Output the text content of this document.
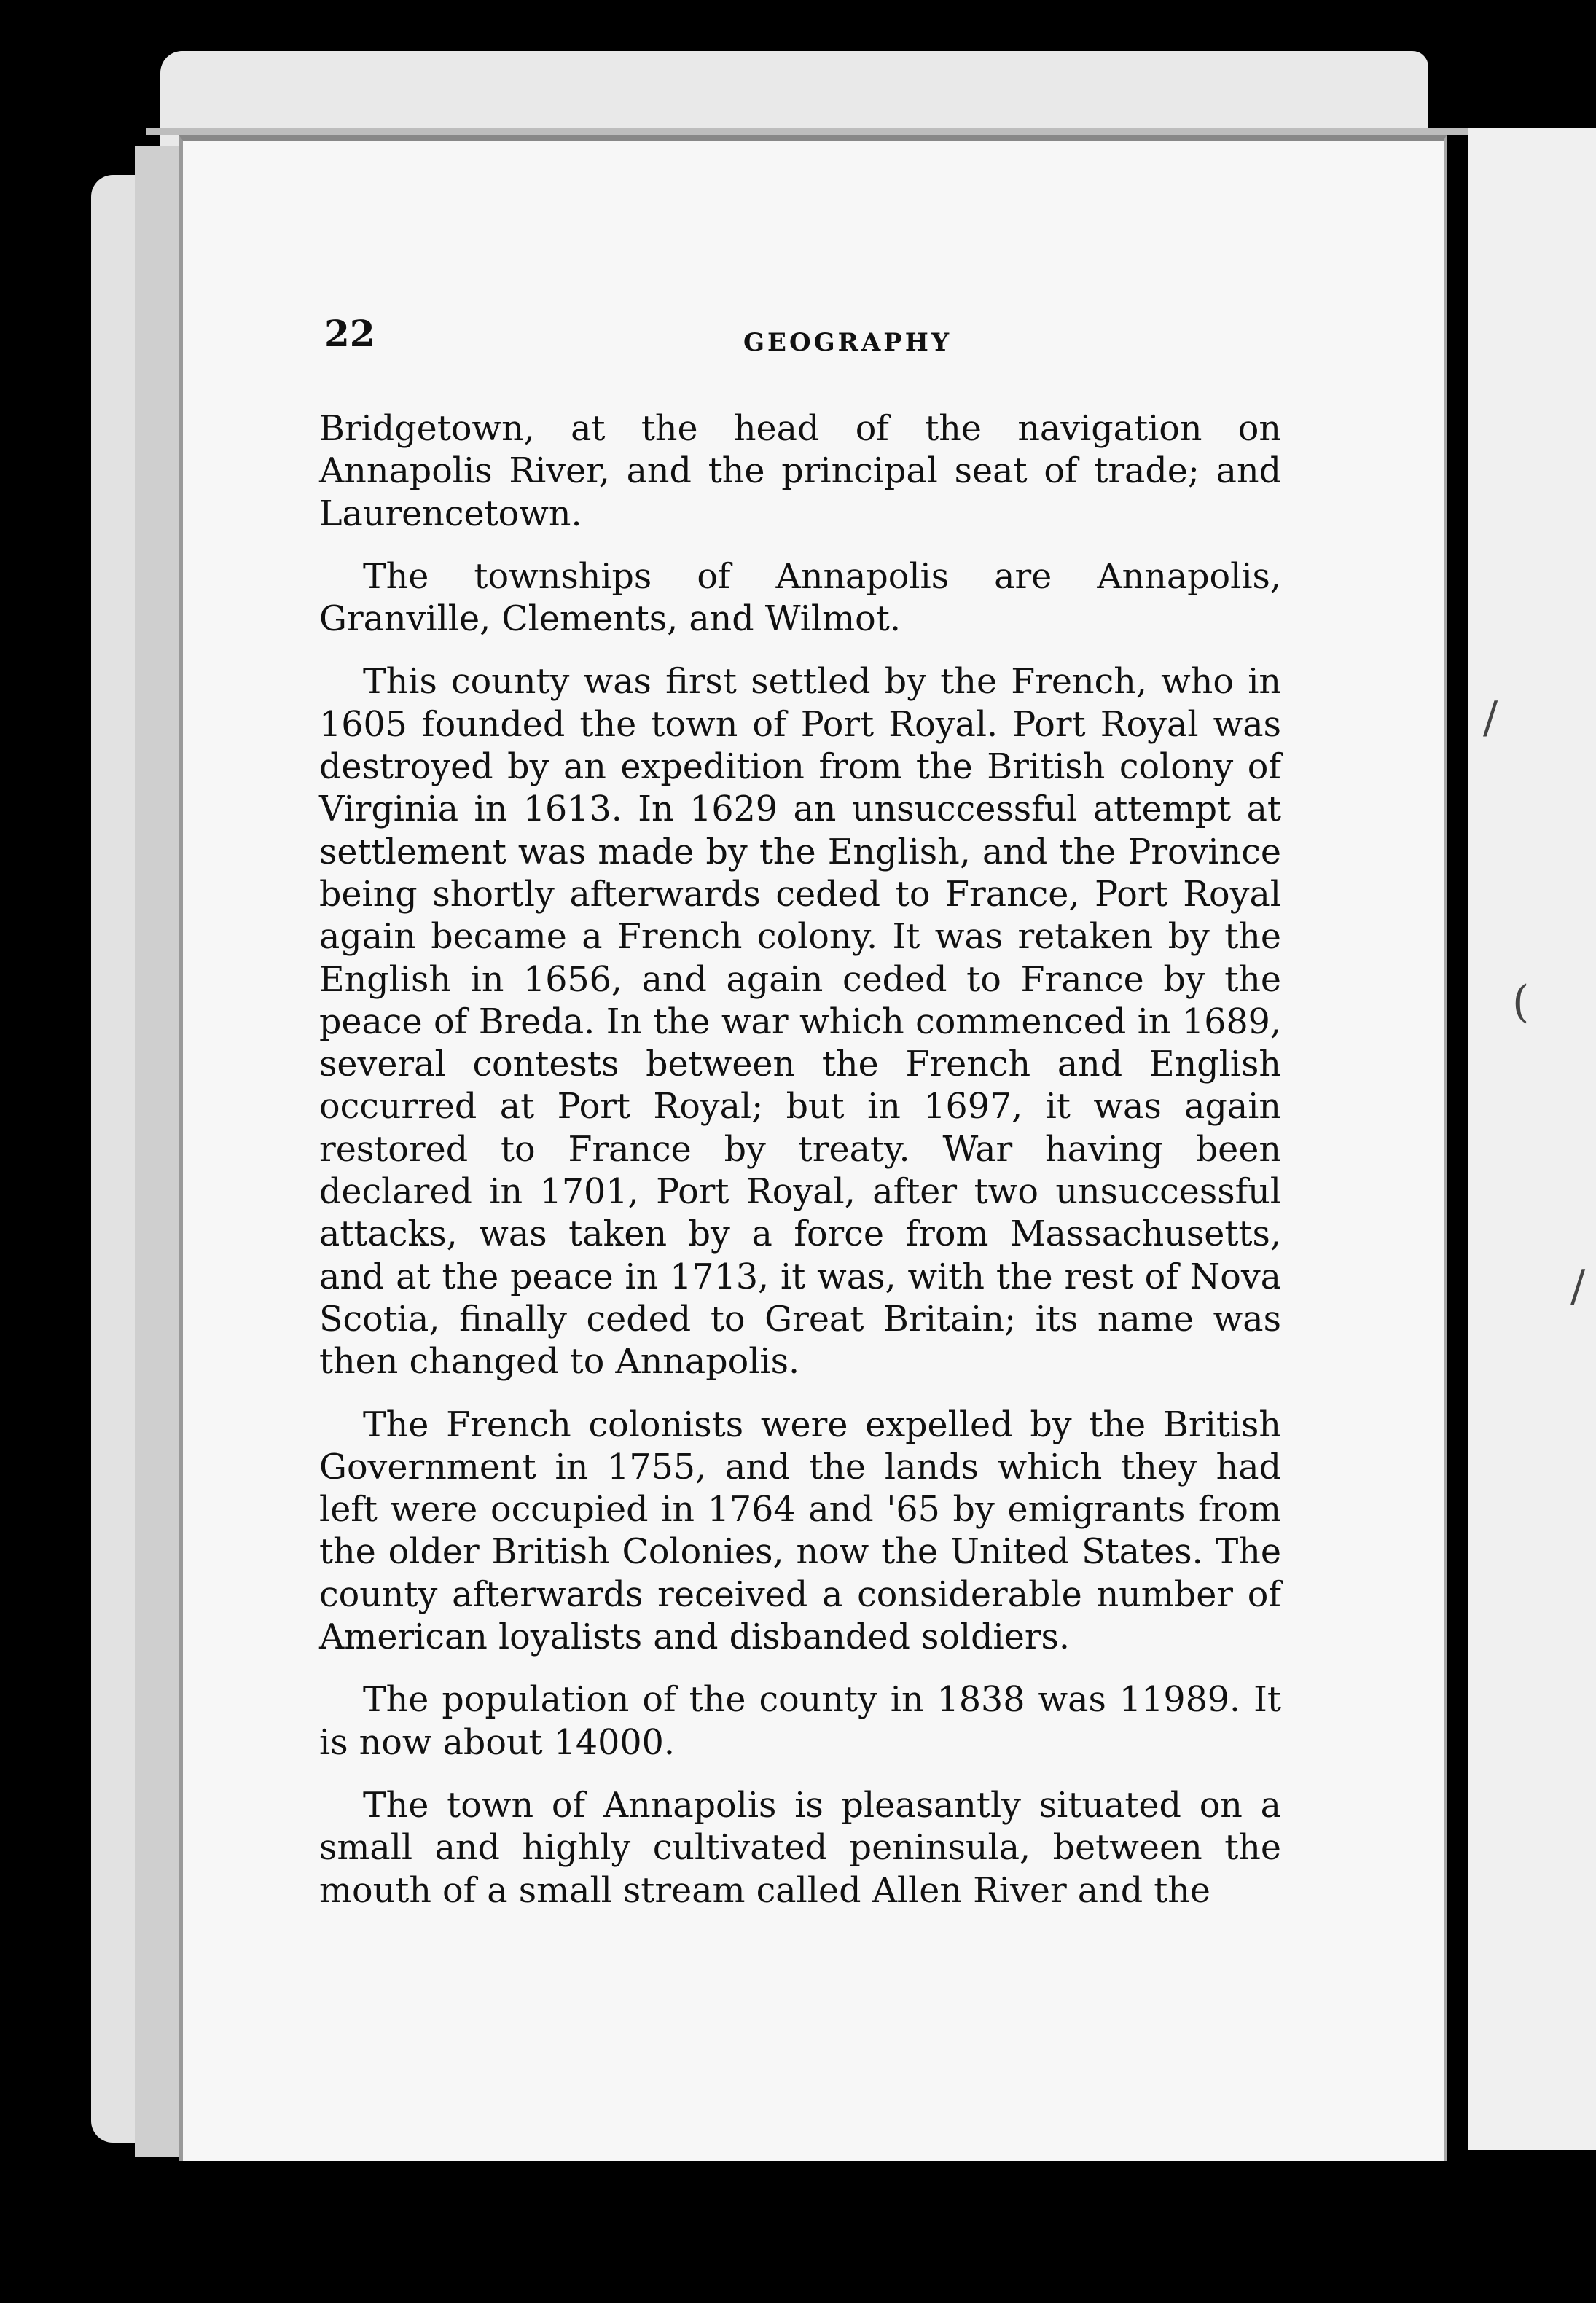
/
(
/
22	GEOGRAPHY

Bridgetown, at the head of the navigation on Annapolis River, and the principal seat of trade; and Laurencetown.

The townships of Annapolis are Annapolis, Granville, Clements, and Wilmot.

This county was first settled by the French, who in 1605 founded the town of Port Royal. Port Royal was destroyed by an expedition from the British colony of Virginia in 1613. In 1629 an unsuccessful attempt at settlement was made by the English, and the Province being shortly afterwards ceded to France, Port Royal again became a French colony. It was retaken by the English in 1656, and again ceded to France by the peace of Breda. In the war which commenced in 1689, several contests between the French and English occurred at Port Royal; but in 1697, it was again restored to France by treaty. War having been declared in 1701, Port Royal, after two unsuccessful attacks, was taken by a force from Massachusetts, and at the peace in 1713, it was, with the rest of Nova Scotia, finally ceded to Great Britain; its name was then changed to Annapolis.

The French colonists were expelled by the British Government in 1755, and the lands which they had left were occupied in 1764 and '65 by emigrants from the older British Colonies, now the United States. The county afterwards received a considerable number of American loyalists and disbanded soldiers.

The population of the county in 1838 was 11989. It is now about 14000.

The town of Annapolis is pleasantly situated on a small and highly cultivated peninsula, between the mouth of a small stream called Allen River and the
